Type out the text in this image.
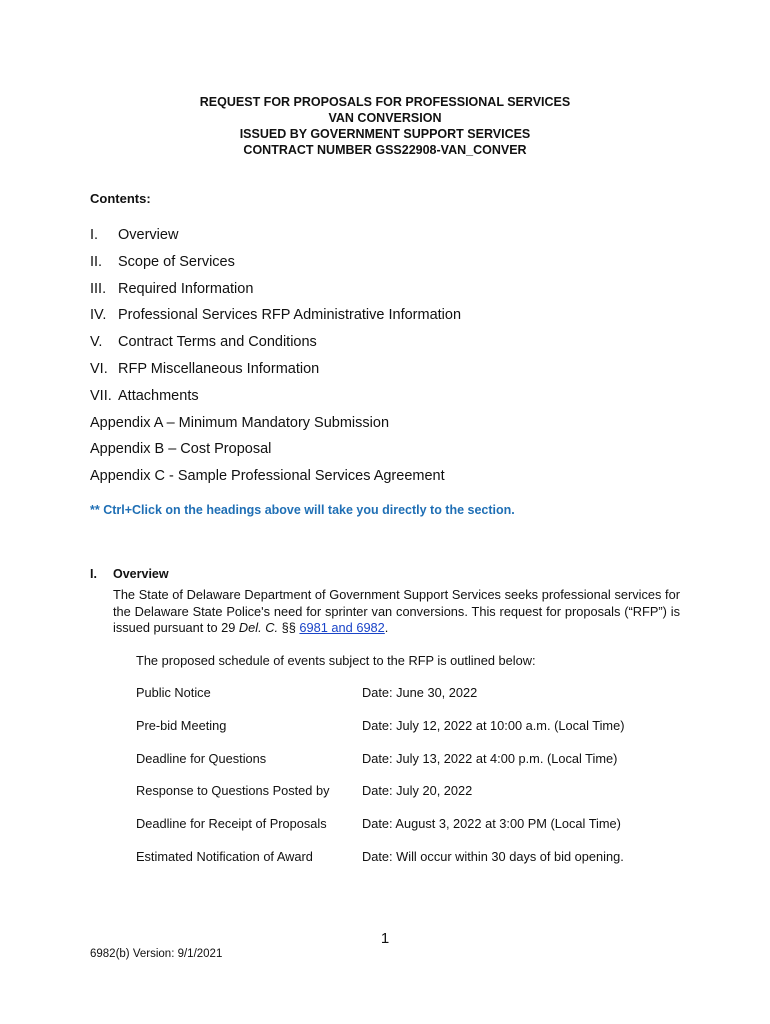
REQUEST FOR PROPOSALS FOR PROFESSIONAL SERVICES
VAN CONVERSION
ISSUED BY GOVERNMENT SUPPORT SERVICES
CONTRACT NUMBER GSS22908-VAN_CONVER
Contents:
I. Overview
II. Scope of Services
III. Required Information
IV. Professional Services RFP Administrative Information
V. Contract Terms and Conditions
VI. RFP Miscellaneous Information
VII. Attachments
Appendix A – Minimum Mandatory Submission
Appendix B – Cost Proposal
Appendix C - Sample Professional Services Agreement
** Ctrl+Click on the headings above will take you directly to the section.
I. Overview
The State of Delaware Department of Government Support Services seeks professional services for the Delaware State Police's need for sprinter van conversions. This request for proposals (“RFP”) is issued pursuant to 29 Del. C. §§ 6981 and 6982.
The proposed schedule of events subject to the RFP is outlined below:
Public Notice	Date: June 30, 2022
Pre-bid Meeting	Date: July 12, 2022 at 10:00 a.m. (Local Time)
Deadline for Questions	Date: July 13, 2022 at 4:00 p.m. (Local Time)
Response to Questions Posted by	Date: July 20, 2022
Deadline for Receipt of Proposals	Date: August 3, 2022 at 3:00 PM (Local Time)
Estimated Notification of Award	Date: Will occur within 30 days of bid opening.
1
6982(b) Version: 9/1/2021
